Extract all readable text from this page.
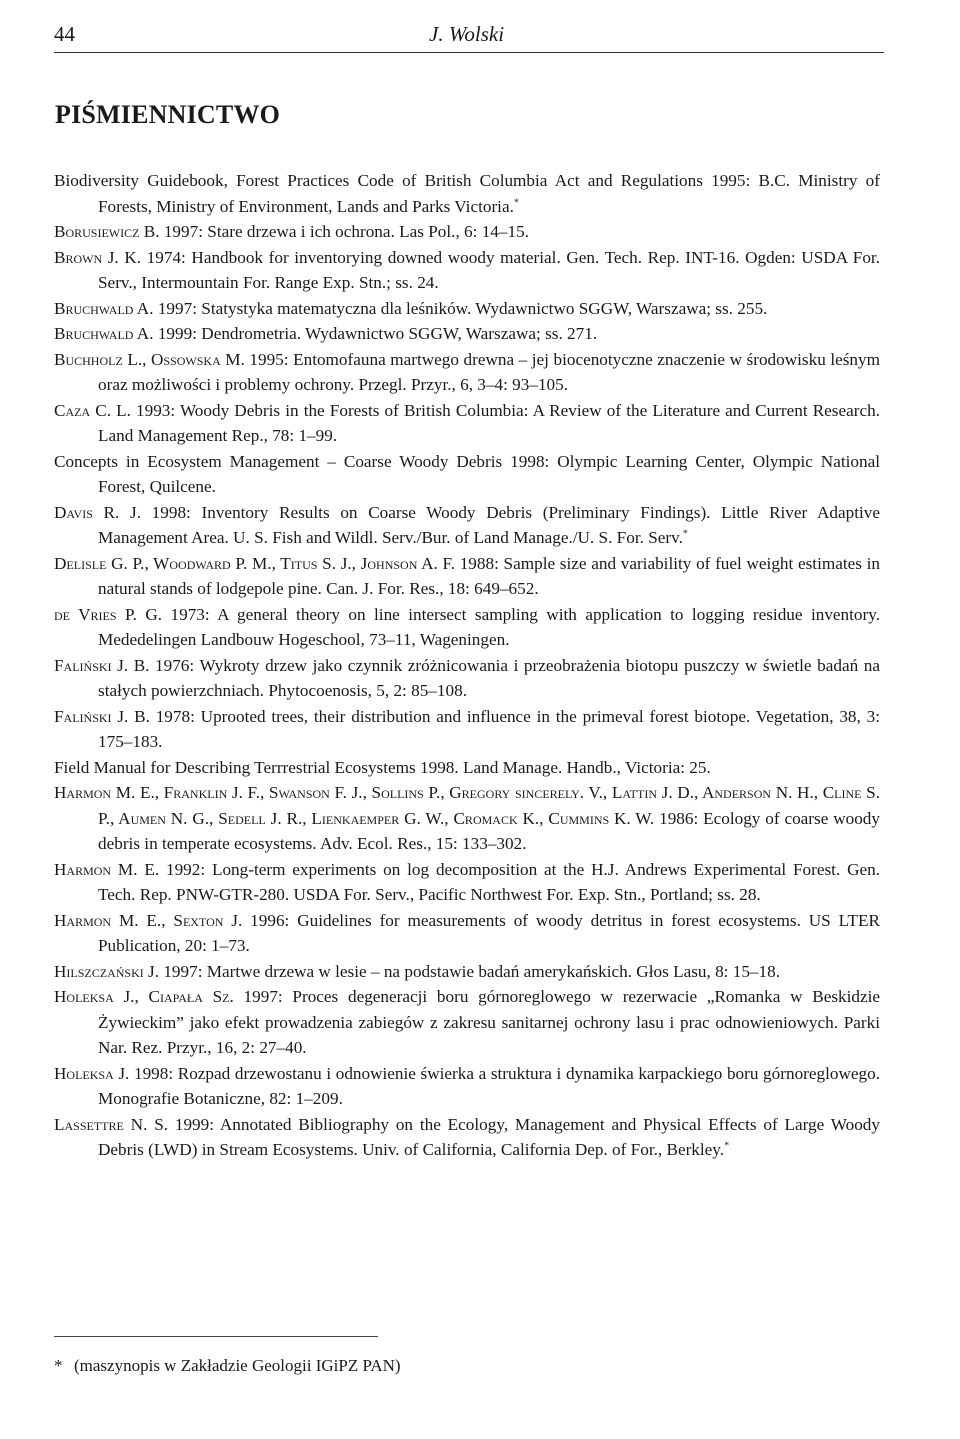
44	J. Wolski
PIŚMIENNICTWO
Biodiversity Guidebook, Forest Practices Code of British Columbia Act and Regulations 1995: B.C. Ministry of Forests, Ministry of Environment, Lands and Parks Victoria.*
Borusiewicz B. 1997: Stare drzewa i ich ochrona. Las Pol., 6: 14–15.
Brown J. K. 1974: Handbook for inventorying downed woody material. Gen. Tech. Rep. INT-16. Ogden: USDA For. Serv., Intermountain For. Range Exp. Stn.; ss. 24.
Bruchwald A. 1997: Statystyka matematyczna dla leśników. Wydawnictwo SGGW, Warszawa; ss. 255.
Bruchwald A. 1999: Dendrometria. Wydawnictwo SGGW, Warszawa; ss. 271.
Buchholz L., Ossowska M. 1995: Entomofauna martwego drewna – jej biocenotyczne znaczenie w środowisku leśnym oraz możliwości i problemy ochrony. Przegl. Przyr., 6, 3–4: 93–105.
Caza C. L. 1993: Woody Debris in the Forests of British Columbia: A Review of the Literature and Current Research. Land Management Rep., 78: 1–99.
Concepts in Ecosystem Management – Coarse Woody Debris 1998: Olympic Learning Center, Olympic National Forest, Quilcene.
Davis R. J. 1998: Inventory Results on Coarse Woody Debris (Preliminary Findings). Little River Adaptive Management Area. U. S. Fish and Wildl. Serv./Bur. of Land Manage./U. S. For. Serv.*
Delisle G. P., Woodward P. M., Titus S. J., Johnson A. F. 1988: Sample size and variability of fuel weight estimates in natural stands of lodgepole pine. Can. J. For. Res., 18: 649–652.
de Vries P. G. 1973: A general theory on line intersect sampling with application to logging residue inventory. Mededelingen Landbouw Hogeschool, 73–11, Wageningen.
Faliński J. B. 1976: Wykroty drzew jako czynnik zróżnicowania i przeobrażenia biotopu puszczy w świetle badań na stałych powierzchniach. Phytocoenosis, 5, 2: 85–108.
Faliński J. B. 1978: Uprooted trees, their distribution and influence in the primeval forest biotope. Vegetation, 38, 3: 175–183.
Field Manual for Describing Terrrestrial Ecosystems 1998. Land Manage. Handb., Victoria: 25.
Harmon M. E., Franklin J. F., Swanson F. J., Sollins P., Gregory sincerely. V., Lattin J. D., Anderson N. H., Cline S. P., Aumen N. G., Sedell J. R., Lienkaemper G. W., Cromack K., Cummins K. W. 1986: Ecology of coarse woody debris in temperate ecosystems. Adv. Ecol. Res., 15: 133–302.
Harmon M. E. 1992: Long-term experiments on log decomposition at the H.J. Andrews Experimental Forest. Gen. Tech. Rep. PNW-GTR-280. USDA For. Serv., Pacific Northwest For. Exp. Stn., Portland; ss. 28.
Harmon M. E., Sexton J. 1996: Guidelines for measurements of woody detritus in forest ecosystems. US LTER Publication, 20: 1–73.
Hilszczański J. 1997: Martwe drzewa w lesie – na podstawie badań amerykańskich. Głos Lasu, 8: 15–18.
Holeksa J., Ciapała Sz. 1997: Proces degeneracji boru górnoreglowego w rezerwacie „Romanka w Beskidzie Żywieckim” jako efekt prowadzenia zabiegów z zakresu sanitarnej ochrony lasu i prac odnowieniowych. Parki Nar. Rez. Przyr., 16, 2: 27–40.
Holeksa J. 1998: Rozpad drzewostanu i odnowienie świerka a struktura i dynamika karpackiego boru górnoreglowego. Monografie Botaniczne, 82: 1–209.
Lassettre N. S. 1999: Annotated Bibliography on the Ecology, Management and Physical Effects of Large Woody Debris (LWD) in Stream Ecosystems. Univ. of California, California Dep. of For., Berkley.*
* (maszynopis w Zakładzie Geologii IGiPZ PAN)
